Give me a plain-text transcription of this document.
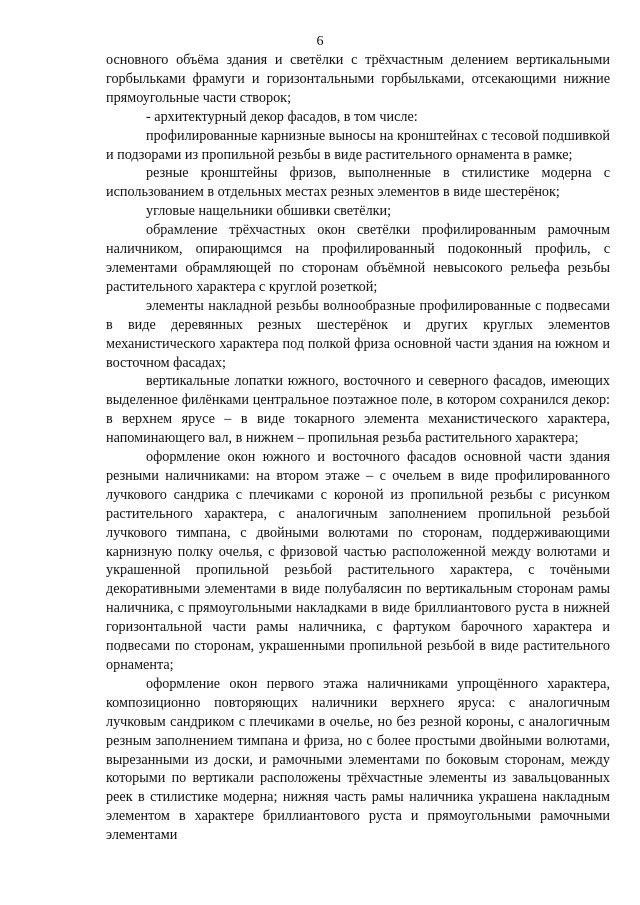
6

основного объёма здания и светёлки с трёхчастным делением вертикальными горбыльками фрамуги и горизонтальными горбыльками, отсекающими нижние прямоугольные части створок;

- архитектурный декор фасадов, в том числе:

профилированные карнизные выносы на кронштейнах с тесовой подшивкой и подзорами из пропильной резьбы в виде растительного орнамента в рамке;

резные кронштейны фризов, выполненные в стилистике модерна с использованием в отдельных местах резных элементов в виде шестерёнок;

угловые нащельники обшивки светёлки;

обрамление трёхчастных окон светёлки профилированным рамочным наличником, опирающимся на профилированный подоконный профиль, с элементами обрамляющей по сторонам объёмной невысокого рельефа резьбы растительного характера с круглой розеткой;

элементы накладной резьбы волнообразные профилированные с подвесами в виде деревянных резных шестерёнок и других круглых элементов механистического характера под полкой фриза основной части здания на южном и восточном фасадах;

вертикальные лопатки южного, восточного и северного фасадов, имеющих выделенное филёнками центральное поэтажное поле, в котором сохранился декор: в верхнем ярусе – в виде токарного элемента механистического характера, напоминающего вал, в нижнем – пропильная резьба растительного характера;

оформление окон южного и восточного фасадов основной части здания резными наличниками: на втором этаже – с очельем в виде профилированного лучкового сандрика с плечиками с короной из пропильной резьбы с рисунком растительного характера, с аналогичным заполнением пропильной резьбой лучкового тимпана, с двойными волютами по сторонам, поддерживающими карнизную полку очелья, с фризовой частью расположенной между волютами и украшенной пропильной резьбой растительного характера, с точёными декоративными элементами в виде полубалясин по вертикальным сторонам рамы наличника, с прямоугольными накладками в виде бриллиантового руста в нижней горизонтальной части рамы наличника, с фартуком барочного характера и подвесами по сторонам, украшенными пропильной резьбой в виде растительного орнамента;

оформление окон первого этажа наличниками упрощённого характера, композиционно повторяющих наличники верхнего яруса: с аналогичным лучковым сандриком с плечиками в очелье, но без резной короны, с аналогичным резным заполнением тимпана и фриза, но с более простыми двойными волютами, вырезанными из доски, и рамочными элементами по боковым сторонам, между которыми по вертикали расположены трёхчастные элементы из завальцованных реек в стилистике модерна; нижняя часть рамы наличника украшена накладным элементом в характере бриллиантового руста и прямоугольными рамочными элементами
